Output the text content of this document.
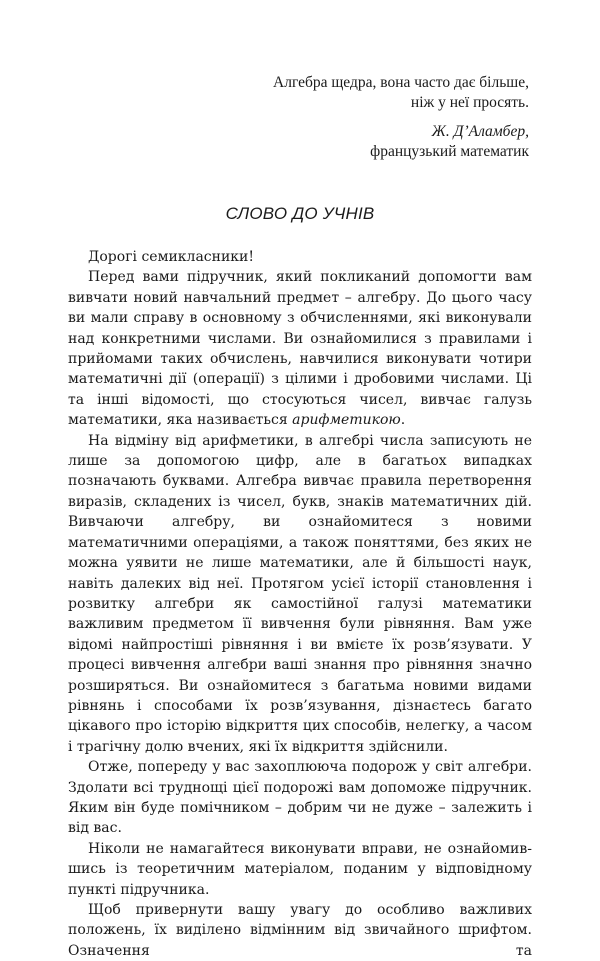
Алгебра щедра, вона часто дає більше,
ніж у неї просять.
Ж. Д’Аламбер,
французький математик
СЛОВО ДО УЧНІВ

Дорогі семикласники!

Перед вами підручник, який покликаний допомогти вам вивчати новий навчальний предмет – алгебру. До цього часу ви мали справу в основному з обчисленнями, які виконували над конкретними числами. Ви ознайомилися з правилами і прийомами таких обчислень, навчилися виконувати чотири математичні дії (операції) з цілими і дробовими числами. Ці та інші відомості, що стосуються чисел, вивчає галузь математики, яка називається арифметикою.

На відміну від арифметики, в алгебрі числа записують не лише за допомогою цифр, але в багатьох випадках позначають буквами. Алгебра вивчає правила перетворення виразів, складених із чисел, букв, знаків математичних дій. Вивчаючи алгебру, ви ознайомитеся з новими математичними операціями, а також поняттями, без яких не можна уявити не лише математики, але й більшості наук, навіть далеких від неї. Протягом усієї історії становлення і розвитку алгебри як самостійної галузі математики важливим предметом її вивчення були рівняння. Вам уже відомі найпростіші рівняння і ви вмієте їх розв’язувати. У процесі вивчення алгебри ваші знання про рівняння значно розширяться. Ви ознайомитеся з багатьма новими видами рівнянь і способами їх розв’язування, дізнаєтесь багато цікавого про історію відкриття цих способів, нелегку, а часом і трагічну долю вчених, які їх відкриття здійснили.

Отже, попереду у вас захоплююча подорож у світ алгебри. Здолати всі труднощі цієї подорожі вам допоможе підручник. Яким він буде помічником – добрим чи не дуже – залежить і від вас.

Ніколи не намагайтеся виконувати вправи, не ознайомившись із теоретичним матеріалом, поданим у відповідному пункті підручника.

Щоб привернути вашу увагу до особливо важливих положень, їх виділено відмінним від звичайного шрифтом. Означення та
